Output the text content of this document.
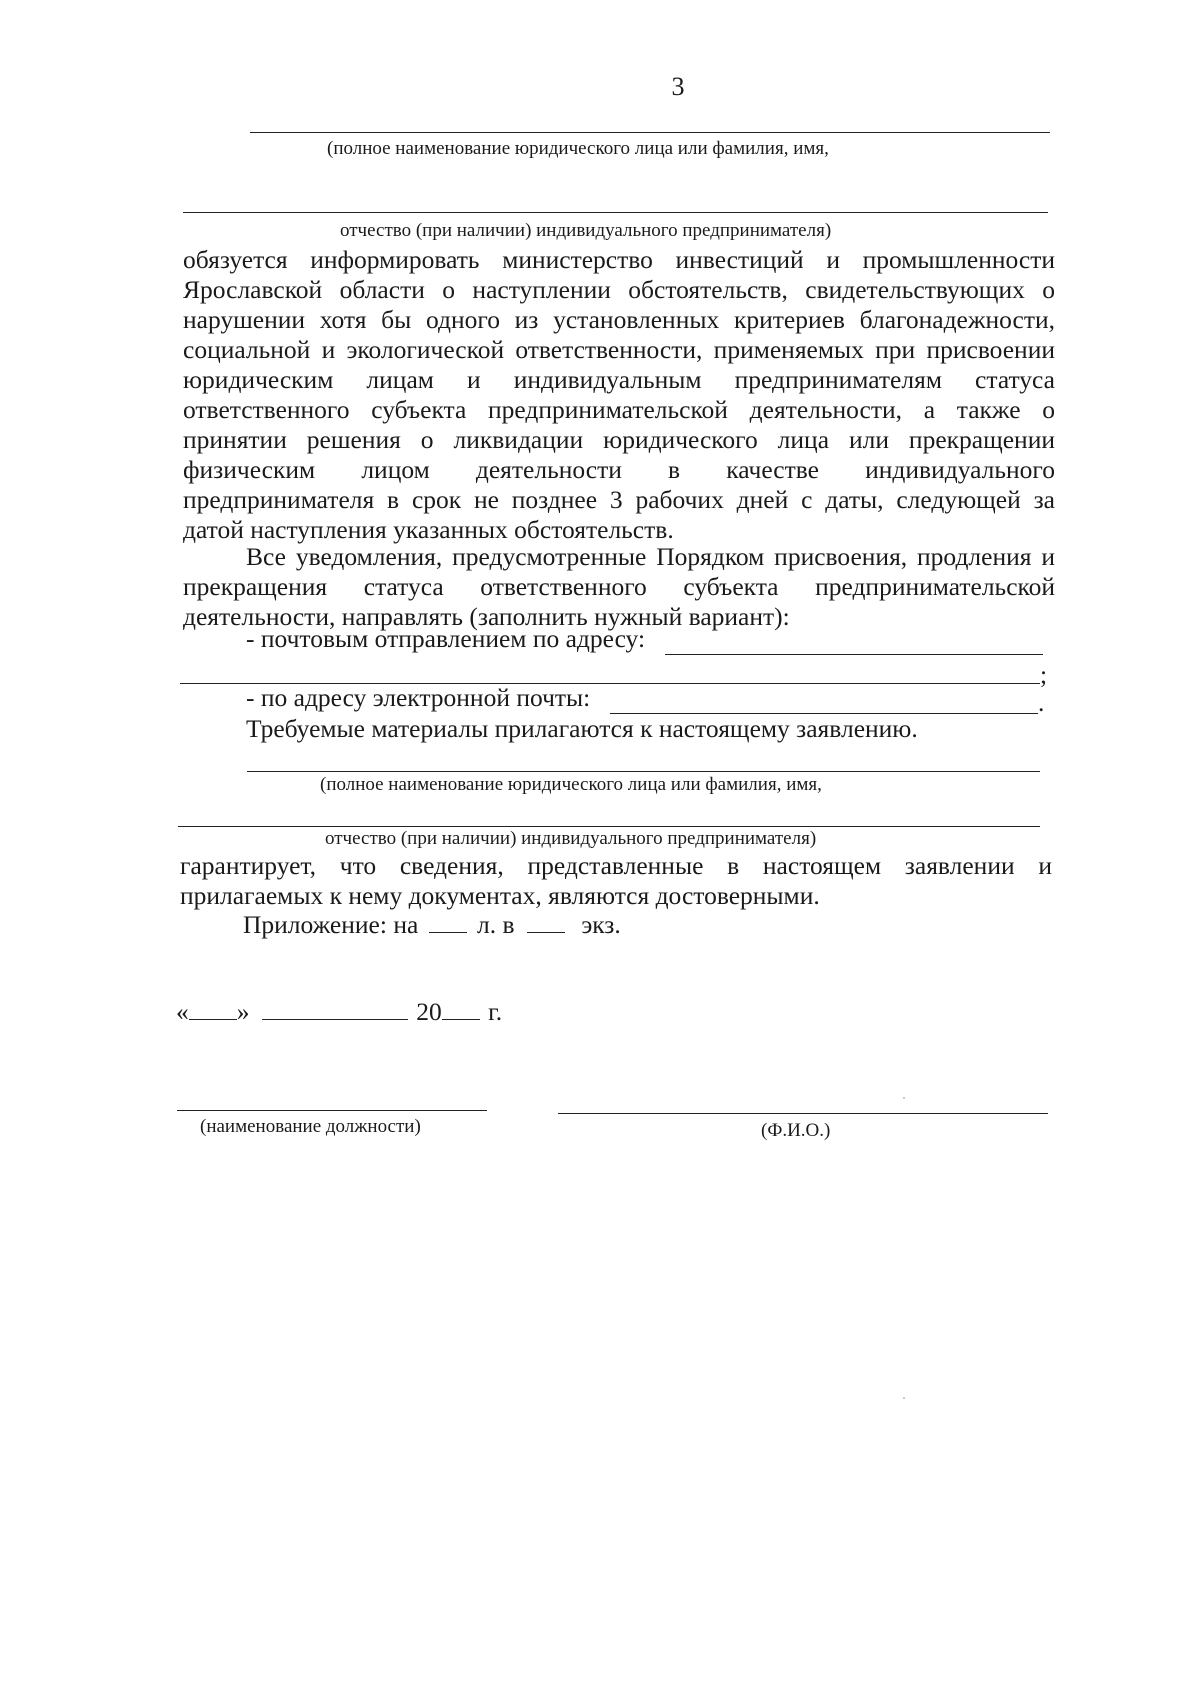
3
(полное наименование юридического лица или фамилия, имя,
отчество (при наличии) индивидуального предпринимателя)
обязуется информировать министерство инвестиций и промышленности
Ярославской области о наступлении обстоятельств, свидетельствующих о
нарушении хотя бы одного из установленных критериев благонадежности,
социальной и экологической ответственности, применяемых при присвоении
юридическим лицам и индивидуальным предпринимателям статуса
ответственного субъекта предпринимательской деятельности, а также о
принятии решения о ликвидации юридического лица или прекращении
физическим лицом деятельности в качестве индивидуального
предпринимателя в срок не позднее 3 рабочих дней с даты, следующей за
датой наступления указанных обстоятельств.
Все уведомления, предусмотренные Порядком присвоения, продления и
прекращения статуса ответственного субъекта предпринимательской
деятельности, направлять (заполнить нужный вариант):
- почтовым отправлением по адресу:
;
- по адресу электронной почты:	.
Требуемые материалы прилагаются к настоящему заявлению.
(полное наименование юридического лица или фамилия, имя,
отчество (при наличии) индивидуального предпринимателя)
гарантирует, что сведения, представленные в настоящем заявлении и
прилагаемых к нему документах, являются достоверными.
Приложение: на л. в	экз.
« »	20 г.
(наименование должности)	(Ф.И.О.)
